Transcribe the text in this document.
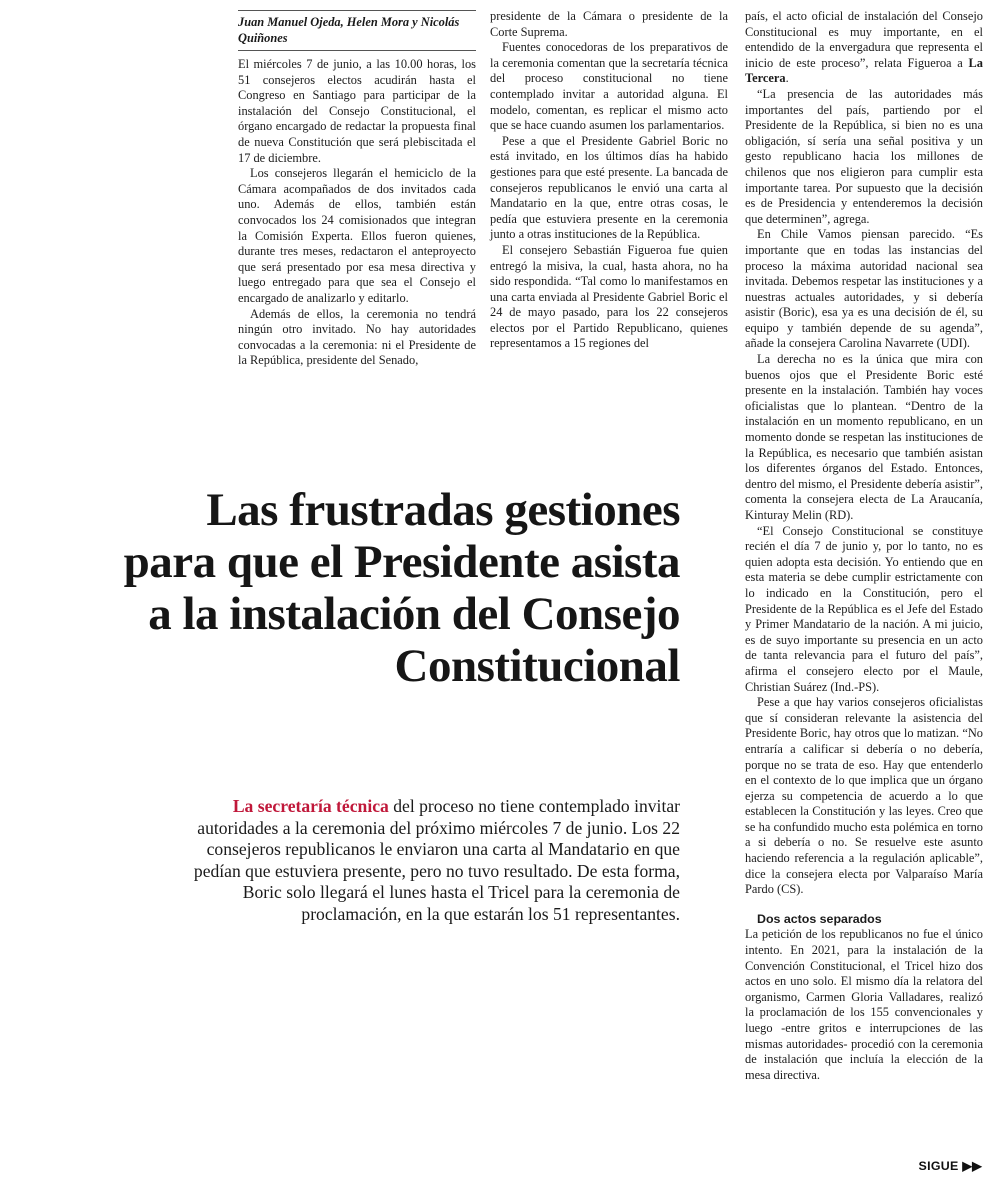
Juan Manuel Ojeda, Helen Mora y Nicolás Quiñones

El miércoles 7 de junio, a las 10.00 horas, los 51 consejeros electos acudirán hasta el Congreso en Santiago para participar de la instalación del Consejo Constitucional, el órgano encargado de redactar la propuesta final de nueva Constitución que será plebiscitada el 17 de diciembre.

Los consejeros llegarán el hemiciclo de la Cámara acompañados de dos invitados cada uno. Además de ellos, también están convocados los 24 comisionados que integran la Comisión Experta. Ellos fueron quienes, durante tres meses, redactaron el anteproyecto que será presentado por esa mesa directiva y luego entregado para que sea el Consejo el encargado de analizarlo y editarlo.

Además de ellos, la ceremonia no tendrá ningún otro invitado. No hay autoridades convocadas a la ceremonia: ni el Presidente de la República, presidente del Senado,

presidente de la Cámara o presidente de la Corte Suprema.

Fuentes conocedoras de los preparativos de la ceremonia comentan que la secretaría técnica del proceso constitucional no tiene contemplado invitar a autoridad alguna. El modelo, comentan, es replicar el mismo acto que se hace cuando asumen los parlamentarios.

Pese a que el Presidente Gabriel Boric no está invitado, en los últimos días ha habido gestiones para que esté presente. La bancada de consejeros republicanos le envió una carta al Mandatario en la que, entre otras cosas, le pedía que estuviera presente en la ceremonia junto a otras instituciones de la República.

El consejero Sebastián Figueroa fue quien entregó la misiva, la cual, hasta ahora, no ha sido respondida. “Tal como lo manifestamos en una carta enviada al Presidente Gabriel Boric el 24 de mayo pasado, para los 22 consejeros electos por el Partido Republicano, quienes representamos a 15 regiones del

país, el acto oficial de instalación del Consejo Constitucional es muy importante, en el entendido de la envergadura que representa el inicio de este proceso”, relata Figueroa a La Tercera.

“La presencia de las autoridades más importantes del país, partiendo por el Presidente de la República, si bien no es una obligación, sí sería una señal positiva y un gesto republicano hacia los millones de chilenos que nos eligieron para cumplir esta importante tarea. Por supuesto que la decisión es de Presidencia y entenderemos la decisión que determinen”, agrega.

En Chile Vamos piensan parecido. “Es importante que en todas las instancias del proceso la máxima autoridad nacional sea invitada. Debemos respetar las instituciones y a nuestras actuales autoridades, y si debería asistir (Boric), esa ya es una decisión de él, su equipo y también depende de su agenda”, añade la consejera Carolina Navarrete (UDI).

La derecha no es la única que mira con buenos ojos que el Presidente Boric esté presente en la instalación. También hay voces oficialistas que lo plantean. “Dentro de la instalación en un momento republicano, en un momento donde se respetan las instituciones de la República, es necesario que también asistan los diferentes órganos del Estado. Entonces, dentro del mismo, el Presidente debería asistir”, comenta la consejera electa de La Araucanía, Kinturay Melin (RD).

“El Consejo Constitucional se constituye recién el día 7 de junio y, por lo tanto, no es quien adopta esta decisión. Yo entiendo que en esta materia se debe cumplir estrictamente con lo indicado en la Constitución, pero el Presidente de la República es el Jefe del Estado y Primer Mandatario de la nación. A mi juicio, es de suyo importante su presencia en un acto de tanta relevancia para el futuro del país”, afirma el consejero electo por el Maule, Christian Suárez (Ind.-PS).

Pese a que hay varios consejeros oficialistas que sí consideran relevante la asistencia del Presidente Boric, hay otros que lo matizan. “No entraría a calificar si debería o no debería, porque no se trata de eso. Hay que entenderlo en el contexto de lo que implica que un órgano ejerza su competencia de acuerdo a lo que establecen la Constitución y las leyes. Creo que se ha confundido mucho esta polémica en torno a si debería o no. Se resuelve este asunto haciendo referencia a la regulación aplicable”, dice la consejera electa por Valparaíso María Pardo (CS).

Dos actos separados

La petición de los republicanos no fue el único intento. En 2021, para la instalación de la Convención Constitucional, el Tricel hizo dos actos en uno solo. El mismo día la relatora del organismo, Carmen Gloria Valladares, realizó la proclamación de los 155 convencionales y luego -entre gritos e interrupciones de las mismas autoridades- procedió con la ceremonia de instalación que incluía la elección de la mesa directiva.

Las frustradas gestiones para que el Presidente asista a la instalación del Consejo Constitucional

La secretaría técnica del proceso no tiene contemplado invitar autoridades a la ceremonia del próximo miércoles 7 de junio. Los 22 consejeros republicanos le enviaron una carta al Mandatario en que pedían que estuviera presente, pero no tuvo resultado. De esta forma, Boric solo llegará el lunes hasta el Tricel para la ceremonia de proclamación, en la que estarán los 51 representantes.

SIGUE ▶▶
